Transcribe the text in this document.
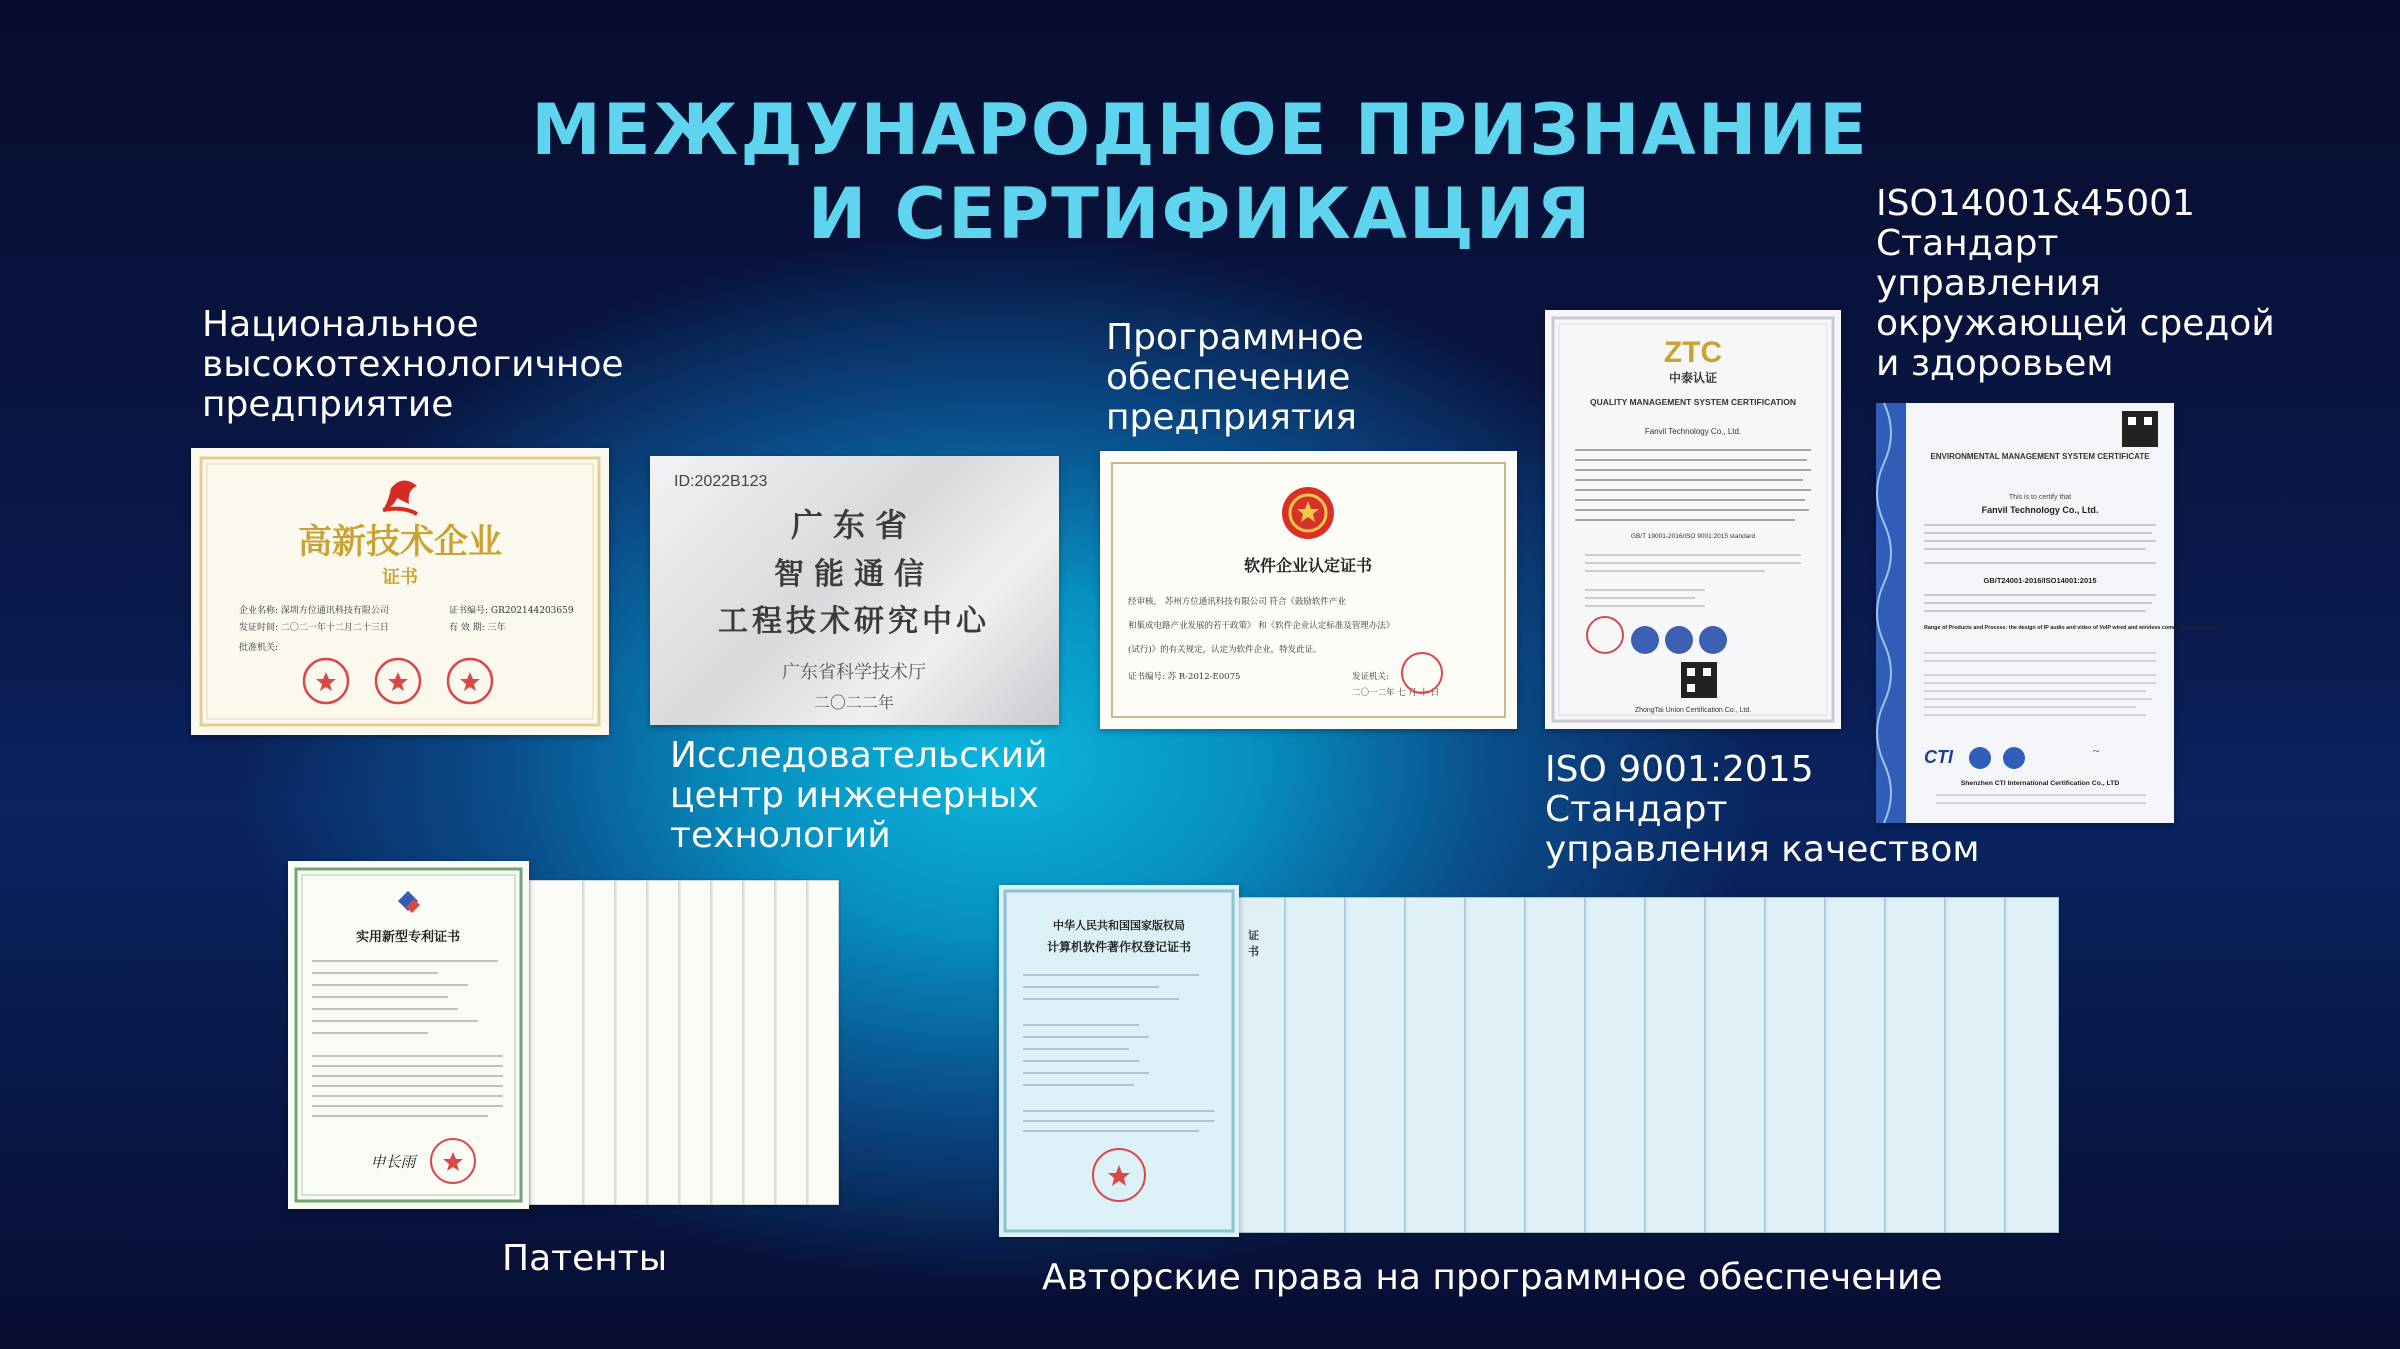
МЕЖДУНАРОДНОЕ ПРИЗНАНИЕ
И СЕРТИФИКАЦИЯ

Национальное
высокотехнологичное
предприятие

Программное
обеспечение
предприятия

ISO14001&45001
Стандарт
управления
окружающей средой
и здоровьем

Исследовательский
центр инженерных
технологий

ISO 9001:2015
Стандарт
управления качеством

Патенты	Авторские права на программное обеспечение

高新技术企业
证书
企业名称: 深圳方位通讯科技有限公司	证书编号: GR202144203659
发证时间: 二〇二一年十二月二十三日	有 效 期: 三年
批准机关:
ID:2022B123
广东省
智能通信
工程技术研究中心
广东省科学技术厅
二〇二二年
软件企业认定证书
经审核， 苏州方位通讯科技有限公司 符合《鼓励软件产业
和集成电路产业发展的若干政策》 和《软件企业认定标准及管理办法》
(试行)》的有关规定，认定为软件企业，特发此证。
证书编号: 苏 R-2012-E0075	发证机关:
二〇一二年 七 月 十 日
ZTC
中泰认证
QUALITY MANAGEMENT SYSTEM CERTIFICATION
Fanvil Technology Co., Ltd.
GB/T 19001-2016/ISO 9001:2015 standard
ZhongTai Union Certification Co., Ltd.
ENVIRONMENTAL MANAGEMENT SYSTEM CERTIFICATE
This is to certify that
Fanvil Technology Co., Ltd.
GB/T24001-2016/ISO14001:2015
Range of Products and Process: the design of IP audio and video of VoIP wired and wireless communication devices
CTI	~
Shenzhen CTI International Certification Co., LTD
实用新型专利证书
申长雨
中华人民共和国国家版权局
计算机软件著作权登记证书
证书
